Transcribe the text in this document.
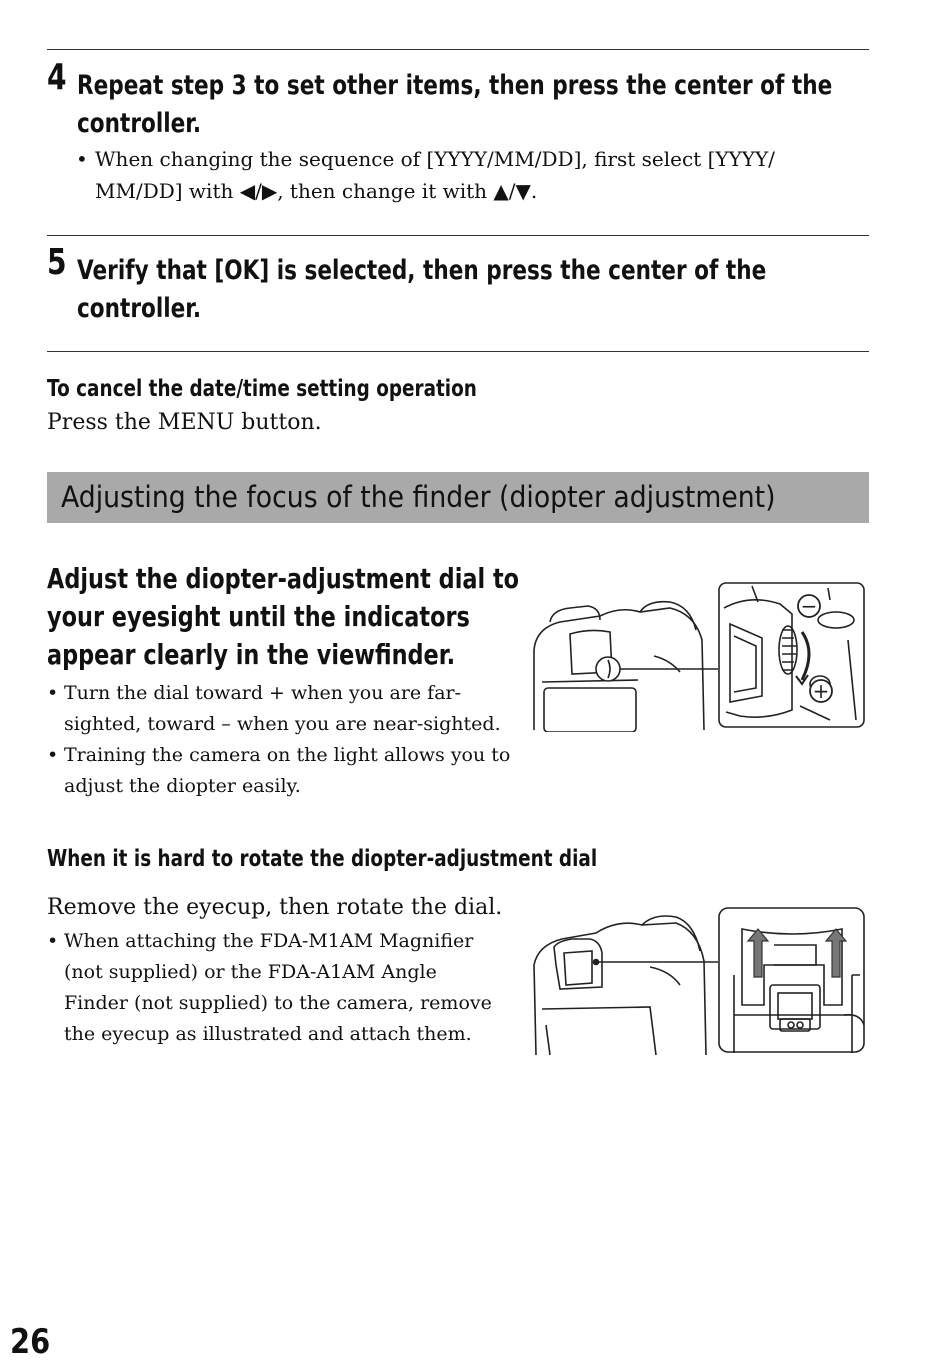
4 Repeat step 3 to set other items, then press the center of the controller.
• When changing the sequence of [YYYY/MM/DD], first select [YYYY/ MM/DD] with ◀/▶, then change it with ▲/▼.
5 Verify that [OK] is selected, then press the center of the controller.
To cancel the date/time setting operation
Press the MENU button.
Adjusting the focus of the finder (diopter adjustment)
Adjust the diopter-adjustment dial to your eyesight until the indicators appear clearly in the viewfinder.
• Turn the dial toward + when you are far-sighted, toward – when you are near-sighted.
• Training the camera on the light allows you to adjust the diopter easily.
−
+
When it is hard to rotate the diopter-adjustment dial
Remove the eyecup, then rotate the dial.
• When attaching the FDA-M1AM Magnifier (not supplied) or the FDA-A1AM Angle Finder (not supplied) to the camera, remove the eyecup as illustrated and attach them.
26
